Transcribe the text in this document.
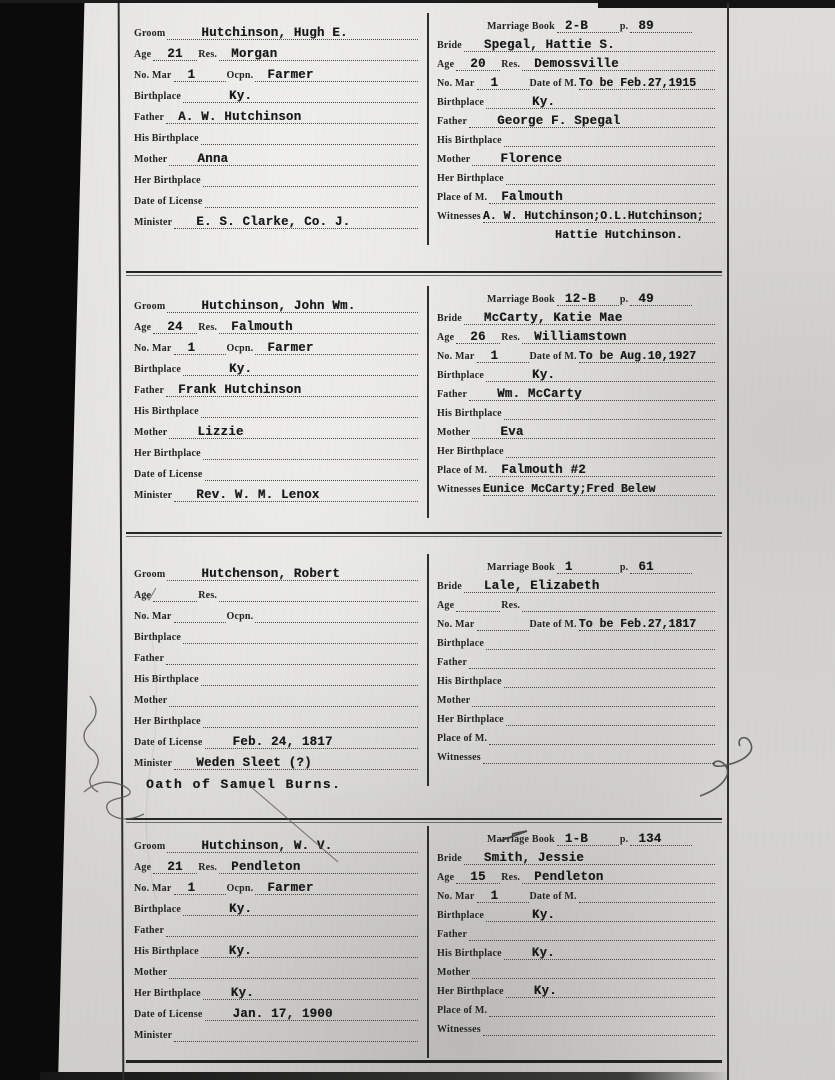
Groom	Hutchinson, Hugh E.
Age 21 Res. Morgan
No. Mar 1	Ocpn. Farmer
Birthplace	Ky.
Father A. W. Hutchinson
His Birthplace
Mother Anna
Her Birthplace
Date of License
Minister E. S. Clarke, Co. J.
Marriage Book 2-B	p. 89
Bride Spegal, Hattie S.
Age 20 Res. Demossville
No. Mar 1	Date of M. To be Feb.27,1915
Birthplace	Ky.
Father George F. Spegal
His Birthplace
Mother Florence
Her Birthplace
Place of M. Falmouth
Witnesses A. W. Hutchinson;O.L.Hutchinson;
Hattie Hutchinson.
Groom	Hutchinson, John Wm.
Age 24 Res. Falmouth
No. Mar 1	Ocpn. Farmer
Birthplace	Ky.
Father Frank Hutchinson
His Birthplace
Mother Lizzie
Her Birthplace
Date of License
Minister Rev. W. M. Lenox
Marriage Book 12-B p. 49
Bride McCarty, Katie Mae
Age 26 Res. Williamstown
No. Mar 1	Date of M. To be Aug.10,1927
Birthplace	Ky.
Father Wm. McCarty
His Birthplace
Mother Eva
Her Birthplace
Place of M. Falmouth #2
Witnesses Eunice McCarty;Fred Belew
Groom	Hutchenson, Robert
Age	Res.
No. Mar	Ocpn.
Birthplace
Father
His Birthplace
Mother
Her Birthplace
Date of License Feb. 24, 1817
Minister Weden Sleet (?)
Oath of Samuel Burns.
Marriage Book 1	p. 61
Bride Lale, Elizabeth
Age	Res.
No. Mar	Date of M. To be Feb.27,1817
Birthplace
Father
His Birthplace
Mother
Her Birthplace
Place of M.
Witnesses
Groom	Hutchinson, W. V.
Age 21 Res. Pendleton
No. Mar 1	Ocpn. Farmer
Birthplace	Ky.
Father
His Birthplace Ky.
Mother
Her Birthplace Ky.
Date of License Jan. 17, 1900
Minister
Marriage Book 1-B	p. 134
Bride Smith, Jessie
Age 15 Res. Pendleton
No. Mar 1	Date of M.
Birthplace	Ky.
Father
His Birthplace Ky.
Mother
Her Birthplace Ky.
Place of M.
Witnesses
